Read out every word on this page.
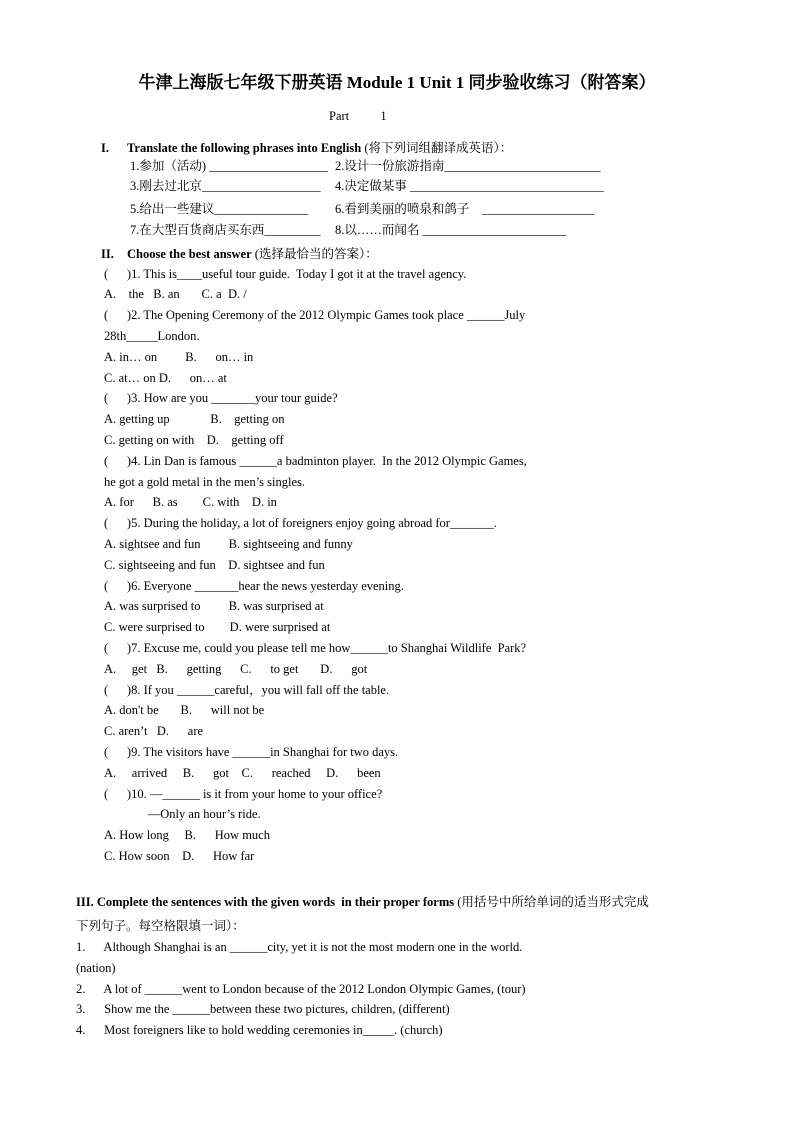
牛津上海版七年级下册英语 Module 1 Unit 1 同步验收练习（附答案）
Part          1
I. Translate the following phrases into English (将下列词组翻译成英语）：
1.参加（活动) ___________________ 2.设计一份旅游指南_________________________
3.刚去过北京___________________ 4.决定做某事 _______________________________
5.给出一些建议_______________ 6.看到美丽的喷泉和鸽子    __________________
7.在大型百货商店买东西_________ 8.以……而闻名 _______________________
II. Choose the best answer (选择最恰当的答案）：
(      )1. This is____useful tour guide.  Today I got it at the travel agency.
A.    the   B. an       C. a  D. /
(      )2. The Opening Ceremony of the 2012 Olympic Games took place ______July
28th_____London.
A. in… on         B.      on… in
C. at… on D.      on… at
(      )3. How are you _______your tour guide?
A. getting up             B.    getting on
C. getting on with    D.    getting off
(      )4. Lin Dan is famous ______a badminton player.  In the 2012 Olympic Games,
he got a gold metal in the men’s singles.
A. for      B. as        C. with    D. in
(      )5. During the holiday, a lot of foreigners enjoy going abroad for_______.
A. sightsee and fun         B. sightseeing and funny
C. sightseeing and fun    D. sightsee and fun
(      )6. Everyone _______hear the news yesterday evening.
A. was surprised to         B. was surprised at
C. were surprised to        D. were surprised at
(      )7. Excuse me, could you please tell me how______to Shanghai Wildlife  Park?
A.     get   B.      getting      C.      to get       D.      got
(      )8. If you ______careful，you will fall off the table.
A. don't be       B.      will not be
C. aren’t   D.      are
(      )9. The visitors have ______in Shanghai for two days.
A.     arrived     B.      got    C.      reached     D.      been
(      )10. —______ is it from your home to your office?
—Only an hour’s ride.
A. How long     B.      How much
C. How soon    D.      How far
III. Complete the sentences with the given words  in their proper forms (用括号中所给单词的适当形式完成
下列句子。每空格限填一词）：
1.      Although Shanghai is an ______city, yet it is not the most modern one in the world.
(nation)
2.      A lot of ______went to London because of the 2012 London Olympic Games, (tour)
3.      Show me the ______between these two pictures, children, (different)
4.      Most foreigners like to hold wedding ceremonies in_____. (church)
